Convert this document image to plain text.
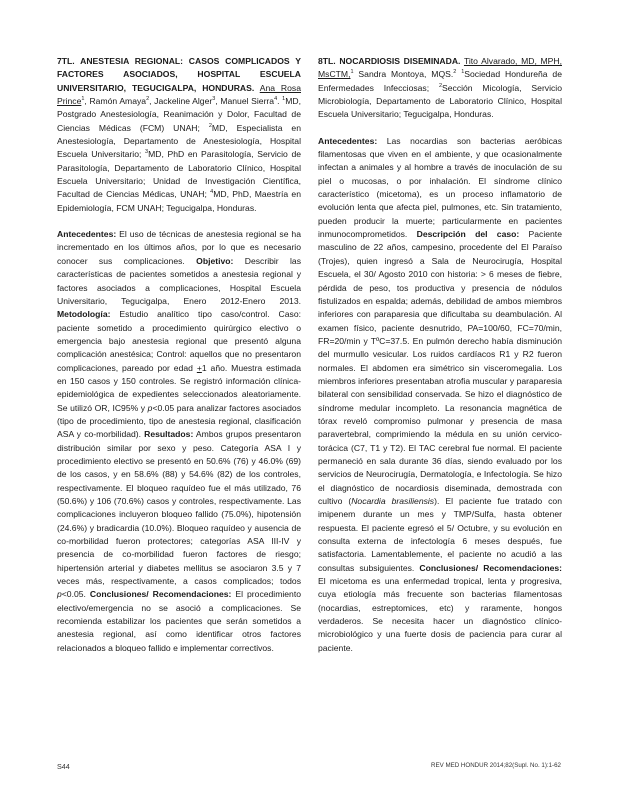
7TL. ANESTESIA REGIONAL: CASOS COMPLICADOS Y FACTORES ASOCIADOS, HOSPITAL ESCUELA UNIVERSITARIO, TEGUCIGALPA, HONDURAS. Ana Rosa Prince$^1$, Ramón Amaya$^2$, Jackeline Alger$^3$, Manuel Sierra$^4$. $^1$MD, Postgrado Anestesiología, Reanimación y Dolor, Facultad de Ciencias Médicas (FCM) UNAH; $^2$MD, Especialista en Anestesiología, Departamento de Anestesiología, Hospital Escuela Universitario; $^3$MD, PhD en Parasitología, Servicio de Parasitología, Departamento de Laboratorio Clínico, Hospital Escuela Universitario; Unidad de Investigación Científica, Facultad de Ciencias Médicas, UNAH; $^4$MD, PhD, Maestría en Epidemiología, FCM UNAH; Tegucigalpa, Honduras.

Antecedentes: El uso de técnicas de anestesia regional se ha incrementado en los últimos años, por lo que es necesario conocer sus complicaciones. Objetivo: Describir las características de pacientes sometidos a anestesia regional y factores asociados a complicaciones, Hospital Escuela Universitario, Tegucigalpa, Enero 2012-Enero 2013. Metodología: Estudio analítico tipo caso/control. Caso: paciente sometido a procedimiento quirúrgico electivo o emergencia bajo anestesia regional que presentó alguna complicación anestésica; Control: aquellos que no presentaron complicaciones, pareado por edad +1 año. Muestra estimada en 150 casos y 150 controles. Se registró información clínica-epidemiológica de expedientes seleccionados aleatoriamente. Se utilizó OR, IC95% y p<0.05 para analizar factores asociados (tipo de procedimiento, tipo de anestesia regional, clasificación ASA y co-morbilidad). Resultados: Ambos grupos presentaron distribución similar por sexo y peso. Categoría ASA I y procedimiento electivo se presentó en 50.6% (76) y 46.0% (69) de los casos, y en 58.6% (88) y 54.6% (82) de los controles, respectivamente. El bloqueo raquídeo fue el más utilizado, 76 (50.6%) y 106 (70.6%) casos y controles, respectivamente. Las complicaciones incluyeron bloqueo fallido (75.0%), hipotensión (24.6%) y bradicardia (10.0%). Bloqueo raquídeo y ausencia de co-morbilidad fueron protectores; categorías ASA III-IV y presencia de co-morbilidad fueron factores de riesgo; hipertensión arterial y diabetes mellitus se asociaron 3.5 y 7 veces más, respectivamente, a casos complicados; todos p<0.05. Conclusiones/ Recomendaciones: El procedimiento electivo/emergencia no se asoció a complicaciones. Se recomienda estabilizar los pacientes que serán sometidos a anestesia regional, así como identificar otros factores relacionados a bloqueo fallido e implementar correctivos.

8TL. NOCARDIOSIS DISEMINADA. Tito Alvarado, MD, MPH, MsCTM,$^1$ Sandra Montoya, MQS.$^2$ $^1$Sociedad Hondureña de Enfermedades Infecciosas; $^2$Sección Micología, Servicio Microbiología, Departamento de Laboratorio Clínico, Hospital Escuela Universitario; Tegucigalpa, Honduras.

Antecedentes: Las nocardias son bacterias aeróbicas filamentosas que viven en el ambiente, y que ocasionalmente infectan a animales y al hombre a través de inoculación de su piel o mucosas, o por inhalación. El síndrome clínico característico (micetoma), es un proceso inflamatorio de evolución lenta que afecta piel, pulmones, etc. Sin tratamiento, pueden producir la muerte; particularmente en pacientes inmunocomprometidos. Descripción del caso: Paciente masculino de 22 años, campesino, procedente del El Paraíso (Trojes), quien ingresó a Sala de Neurocirugía, Hospital Escuela, el 30/ Agosto 2010 con historia: > 6 meses de fiebre, pérdida de peso, tos productiva y presencia de nódulos fistulizados en espalda; además, debilidad de ambos miembros inferiores con paraparesia que dificultaba su deambulación. Al examen físico, paciente desnutrido, PA=100/60, FC=70/min, FR=20/min y TºC=37.5. En pulmón derecho había disminución del murmullo vesicular. Los ruidos cardíacos R1 y R2 fueron normales. El abdomen era simétrico sin visceromegalia. Los miembros inferiores presentaban atrofia muscular y paraparesia bilateral con sensibilidad conservada. Se hizo el diagnóstico de síndrome medular incompleto. La resonancia magnética de tórax reveló compromiso pulmonar y presencia de masa paravertebral, comprimiendo la médula en su unión cervico-torácica (C7, T1 y T2). El TAC cerebral fue normal. El paciente permaneció en sala durante 36 días, siendo evaluado por los servicios de Neurocirugía, Dermatología, e Infectología. Se hizo el diagnóstico de nocardiosis diseminada, demostrada con cultivo (Nocardia brasiliensis). El paciente fue tratado con imipenem durante un mes y TMP/Sulfa, hasta obtener respuesta. El paciente egresó el 5/ Octubre, y su evolución en consulta externa de infectología 6 meses después, fue satisfactoria. Lamentablemente, el paciente no acudió a las consultas subsiguientes. Conclusiones/ Recomendaciones: El micetoma es una enfermedad tropical, lenta y progresiva, cuya etiología más frecuente son bacterias filamentosas (nocardias, estreptomices, etc) y raramente, hongos verdaderos. Se necesita hacer un diagnóstico clínico-microbiológico y una fuerte dosis de paciencia para curar al paciente.

S44	REV MED HONDUR 2014;82(Supl. No. 1):1-62
